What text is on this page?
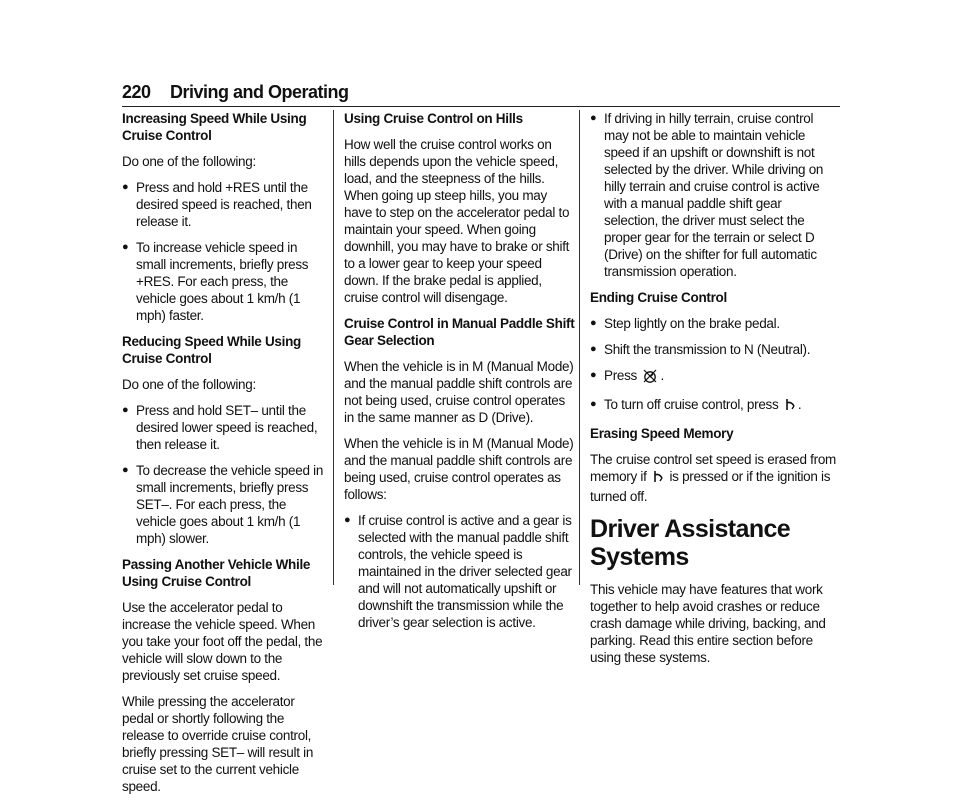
220 Driving and Operating
Increasing Speed While Using Cruise Control
Do one of the following:
● Press and hold +RES until the desired speed is reached, then release it.
● To increase vehicle speed in small increments, briefly press +RES. For each press, the vehicle goes about 1 km/h (1 mph) faster.
Reducing Speed While Using Cruise Control
Do one of the following:
● Press and hold SET– until the desired lower speed is reached, then release it.
● To decrease the vehicle speed in small increments, briefly press SET–. For each press, the vehicle goes about 1 km/h (1 mph) slower.
Passing Another Vehicle While Using Cruise Control
Use the accelerator pedal to increase the vehicle speed. When you take your foot off the pedal, the vehicle will slow down to the previously set cruise speed.
While pressing the accelerator pedal or shortly following the release to override cruise control, briefly pressing SET– will result in cruise set to the current vehicle speed.
Using Cruise Control on Hills
How well the cruise control works on hills depends upon the vehicle speed, load, and the steepness of the hills. When going up steep hills, you may have to step on the accelerator pedal to maintain your speed. When going downhill, you may have to brake or shift to a lower gear to keep your speed down. If the brake pedal is applied, cruise control will disengage.
Cruise Control in Manual Paddle Shift Gear Selection
When the vehicle is in M (Manual Mode) and the manual paddle shift controls are not being used, cruise control operates in the same manner as D (Drive).
When the vehicle is in M (Manual Mode) and the manual paddle shift controls are being used, cruise control operates as follows:
● If cruise control is active and a gear is selected with the manual paddle shift controls, the vehicle speed is maintained in the driver selected gear and will not automatically upshift or downshift the transmission while the driver’s gear selection is active.
● If driving in hilly terrain, cruise control may not be able to maintain vehicle speed if an upshift or downshift is not selected by the driver. While driving on hilly terrain and cruise control is active with a manual paddle shift gear selection, the driver must select the proper gear for the terrain or select D (Drive) on the shifter for full automatic transmission operation.
Ending Cruise Control
● Step lightly on the brake pedal.
● Shift the transmission to N (Neutral).
● Press .
● To turn off cruise control, press .
Erasing Speed Memory
The cruise control set speed is erased from memory if is pressed or if the ignition is turned off.
Driver Assistance Systems
This vehicle may have features that work together to help avoid crashes or reduce crash damage while driving, backing, and parking. Read this entire section before using these systems.
